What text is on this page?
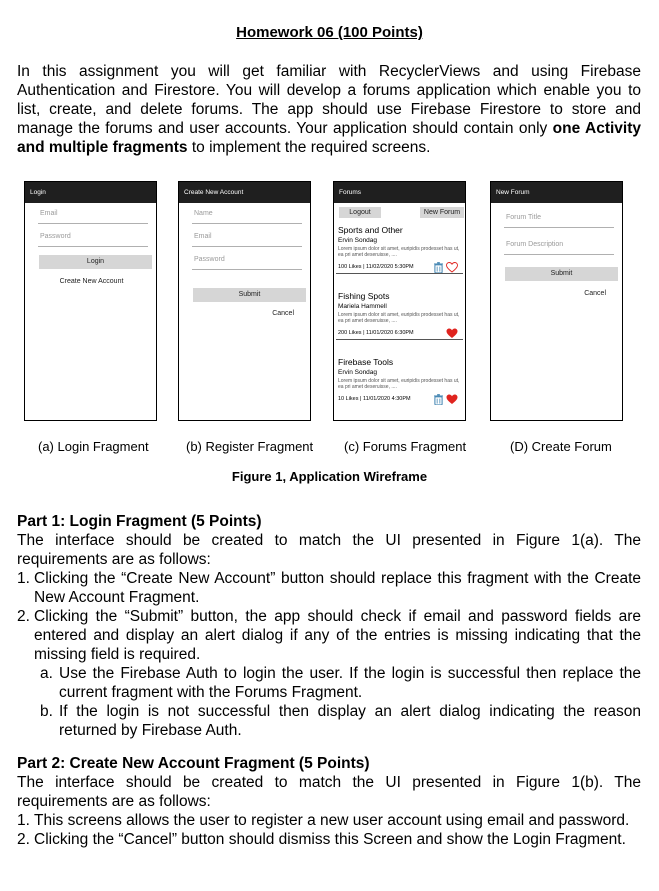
Homework 06 (100 Points)
In this assignment you will get familiar with RecyclerViews and using Firebase Authentication and Firestore. You will develop a forums application which enable you to list, create, and delete forums. The app should use Firebase Firestore to store and manage the forums and user accounts. Your application should contain only one Activity and multiple fragments to implement the required screens.
Login
Email
Password
Login
Create New Account
Create New Account
Name
Email
Password
Submit
Cancel
Forums
Logout	New Forum
Sports and Other
Ervin Sondag
Lorem ipsum dolor sit amet, euripidis prodesset has ut, ea pri amet deseruisse, ....
100 Likes | 11/02/2020 5:30PM
Fishing Spots
Mariela Hammell
Lorem ipsum dolor sit amet, euripidis prodesset has ut, ea pri amet deseruisse, ....
200 Likes | 11/01/2020 6:30PM
Firebase Tools
Ervin Sondag
Lorem ipsum dolor sit amet, euripidis prodesset has ut, ea pri amet deseruisse, ....
10 Likes | 11/01/2020 4:30PM
New Forum
Forum Title
Forum Description
Submit
Cancel
(a) Login Fragment	(b) Register Fragment (c) Forums Fragment	(D) Create Forum
Figure 1, Application Wireframe
Part 1: Login Fragment (5 Points)

The interface should be created to match the UI presented in Figure 1(a). The requirements are as follows:

1. Clicking the “Create New Account” button should replace this fragment with the Create New Account Fragment.
2. Clicking the “Submit” button, the app should check if email and password fields are entered and display an alert dialog if any of the entries is missing indicating that the missing field is required.
a. Use the Firebase Auth to login the user. If the login is successful then replace the current fragment with the Forums Fragment.
b. If the login is not successful then display an alert dialog indicating the reason returned by Firebase Auth.
Part 2: Create New Account Fragment (5 Points)

The interface should be created to match the UI presented in Figure 1(b). The requirements are as follows:

1. This screens allows the user to register a new user account using email and password.
2. Clicking the “Cancel” button should dismiss this Screen and show the Login Fragment.
